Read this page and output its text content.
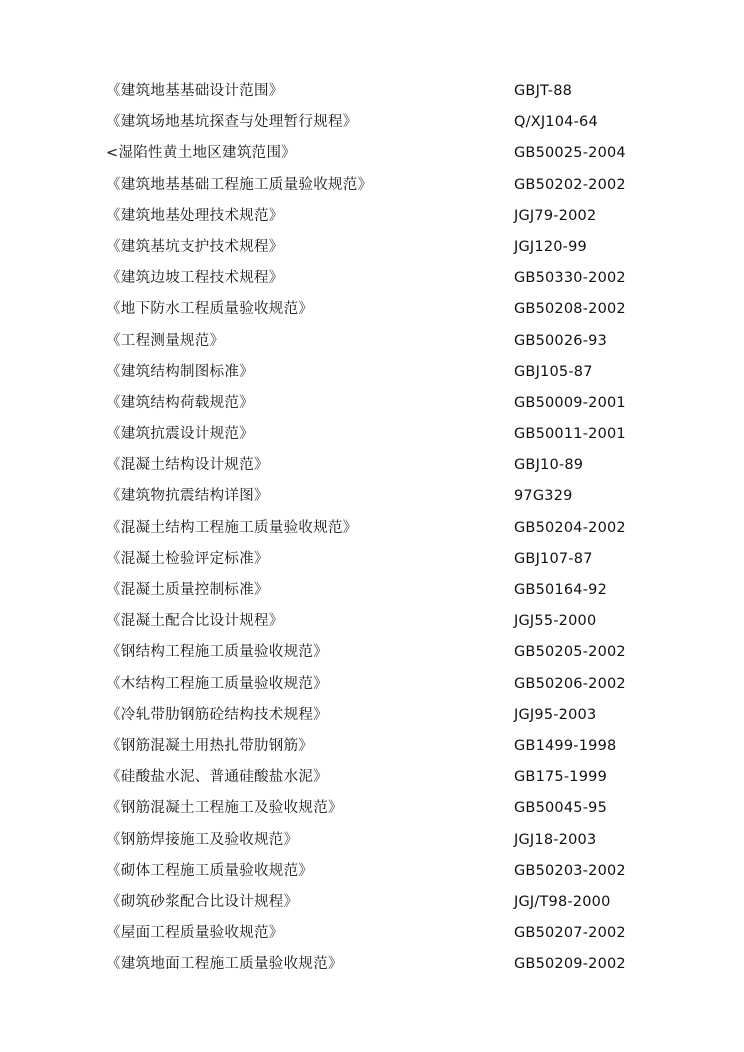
《建筑地基基础设计范围》	GBJT-88
《建筑场地基坑探查与处理暂行规程》	Q/XJ104-64
<湿陷性黄土地区建筑范围》	GB50025-2004
《建筑地基基础工程施工质量验收规范》	GB50202-2002
《建筑地基处理技术规范》	JGJ79-2002
《建筑基坑支护技术规程》	JGJ120-99
《建筑边坡工程技术规程》	GB50330-2002
《地下防水工程质量验收规范》	GB50208-2002
《工程测量规范》	GB50026-93
《建筑结构制图标准》	GBJ105-87
《建筑结构荷载规范》	GB50009-2001
《建筑抗震设计规范》	GB50011-2001
《混凝土结构设计规范》	GBJ10-89
《建筑物抗震结构详图》	97G329
《混凝土结构工程施工质量验收规范》	GB50204-2002
《混凝土检验评定标准》	GBJ107-87
《混凝土质量控制标准》	GB50164-92
《混凝土配合比设计规程》	JGJ55-2000
《钢结构工程施工质量验收规范》	GB50205-2002
《木结构工程施工质量验收规范》	GB50206-2002
《冷轧带肋钢筋砼结构技术规程》	JGJ95-2003
《钢筋混凝土用热扎带肋钢筋》	GB1499-1998
《硅酸盐水泥、普通硅酸盐水泥》	GB175-1999
《钢筋混凝土工程施工及验收规范》	GB50045-95
《钢筋焊接施工及验收规范》	JGJ18-2003
《砌体工程施工质量验收规范》	GB50203-2002
《砌筑砂浆配合比设计规程》	JGJ/T98-2000
《屋面工程质量验收规范》	GB50207-2002
《建筑地面工程施工质量验收规范》	GB50209-2002
